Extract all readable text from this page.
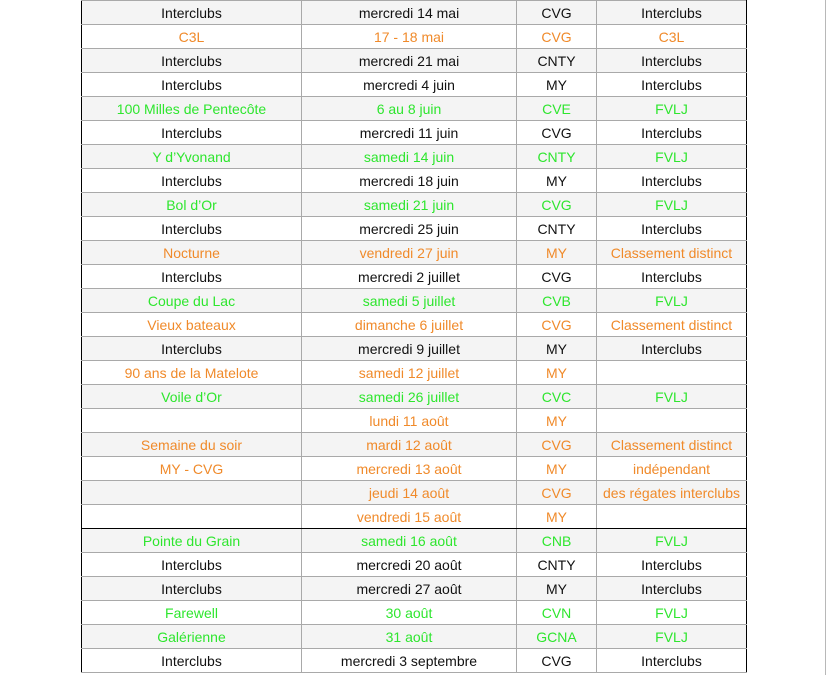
Interclubs	mercredi 14 mai	CVG	Interclubs
C3L	17 - 18 mai	CVG	C3L
Interclubs	mercredi 21 mai	CNTY	Interclubs
Interclubs	mercredi 4 juin	MY	Interclubs
100 Milles de Pentecôte	6 au 8 juin	CVE	FVLJ
Interclubs	mercredi 11 juin	CVG	Interclubs
Y d’Yvonand	samedi 14 juin	CNTY	FVLJ
Interclubs	mercredi 18 juin	MY	Interclubs
Bol d’Or	samedi 21 juin	CVG	FVLJ
Interclubs	mercredi 25 juin	CNTY	Interclubs
Nocturne	vendredi 27 juin	MY	Classement distinct
Interclubs	mercredi 2 juillet	CVG	Interclubs
Coupe du Lac	samedi 5 juillet	CVB	FVLJ
Vieux bateaux	dimanche 6 juillet	CVG	Classement distinct
Interclubs	mercredi 9 juillet	MY	Interclubs
90 ans de la Matelote	samedi 12 juillet	MY	
Voile d’Or	samedi 26 juillet	CVC	FVLJ
	lundi 11 août	MY	
Semaine du soir	mardi 12 août	CVG	Classement distinct
MY - CVG	mercredi 13 août	MY	indépendant
	jeudi 14 août	CVG	des régates interclubs
	vendredi 15 août	MY	
Pointe du Grain	samedi 16 août	CNB	FVLJ
Interclubs	mercredi 20 août	CNTY	Interclubs
Interclubs	mercredi 27 août	MY	Interclubs
Farewell	30 août	CVN	FVLJ
Galérienne	31 août	GCNA	FVLJ
Interclubs	mercredi 3 septembre	CVG	Interclubs
